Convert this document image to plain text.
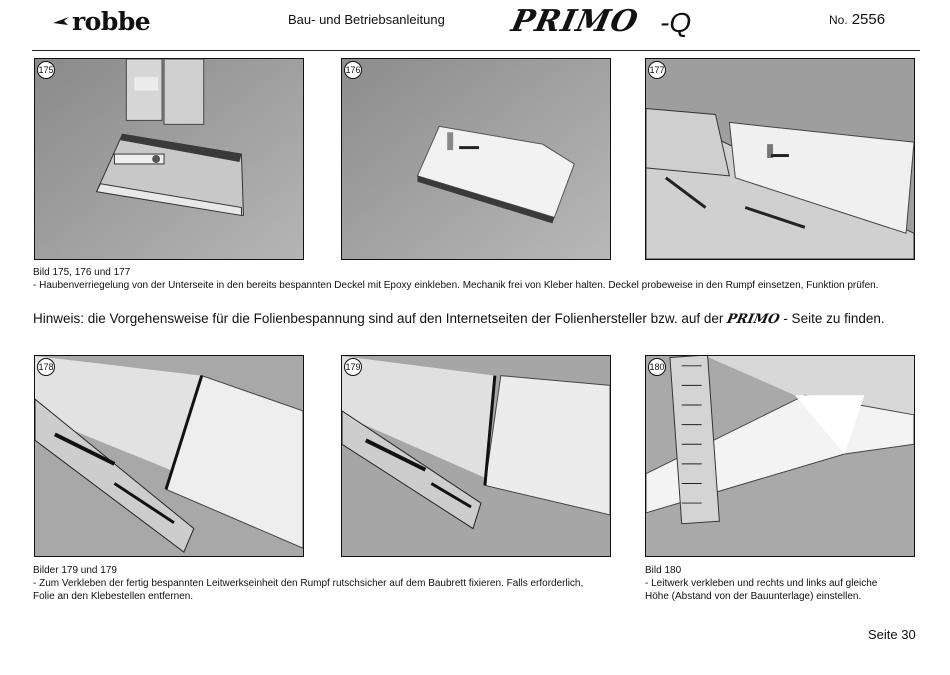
robbe	Bau- und Betriebsanleitung PRIMO -Q	No. 2556
175	176	177
Bild 175, 176 und 177
- Haubenverriegelung von der Unterseite in den bereits bespannten Deckel mit Epoxy einkleben. Mechanik frei von Kleber halten. Deckel probeweise in den Rumpf einsetzen, Funktion prüfen.
Hinweis: die Vorgehensweise für die Folienbespannung sind auf den Internetseiten der Folienhersteller bzw. auf der PRIMO - Seite zu finden.
178	179	180
Bilder 179 und 179
- Zum Verkleben der fertig bespannten Leitwerkseinheit den Rumpf rutschsicher auf dem Baubrett fixieren. Falls erforderlich,
Folie an den Klebestellen entfernen.
Bild 180
- Leitwerk verkleben und rechts und links auf gleiche
Höhe (Abstand von der Bauunterlage) einstellen.
Seite 30
